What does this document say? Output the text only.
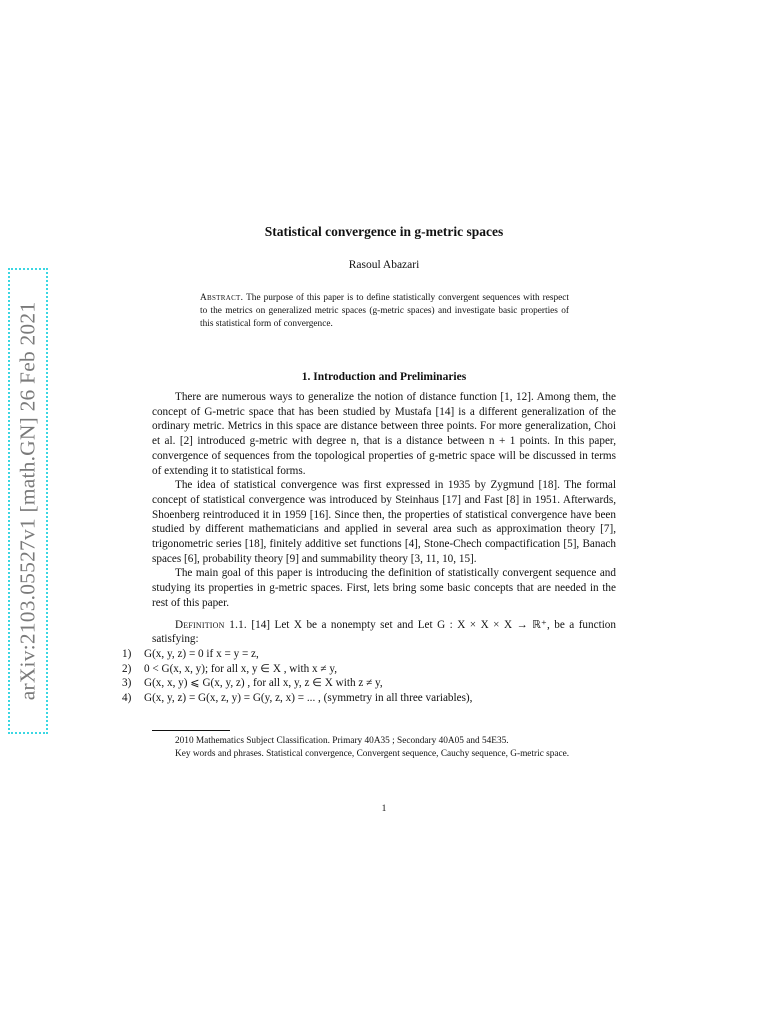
arXiv:2103.05527v1 [math.GN] 26 Feb 2021
Statistical convergence in g-metric spaces
Rasoul Abazari
Abstract. The purpose of this paper is to define statistically convergent sequences with respect to the metrics on generalized metric spaces (g-metric spaces) and investigate basic properties of this statistical form of convergence.
1. Introduction and Preliminaries

There are numerous ways to generalize the notion of distance function [1, 12]. Among them, the concept of G-metric space that has been studied by Mustafa [14] is a different generalization of the ordinary metric. Metrics in this space are distance between three points. For more generalization, Choi et al. [2] introduced g-metric with degree n, that is a distance between n + 1 points. In this paper, convergence of sequences from the topological properties of g-metric space will be discussed in terms of extending it to statistical forms.

The idea of statistical convergence was first expressed in 1935 by Zygmund [18]. The formal concept of statistical convergence was introduced by Steinhaus [17] and Fast [8] in 1951. Afterwards, Shoenberg reintroduced it in 1959 [16]. Since then, the properties of statistical convergence have been studied by different mathematicians and applied in several area such as approximation theory [7], trigonometric series [18], finitely additive set functions [4], Stone-Chech compactification [5], Banach spaces [6], probability theory [9] and summability theory [3, 11, 10, 15].

The main goal of this paper is introducing the definition of statistically convergent sequence and studying its properties in g-metric spaces. First, lets bring some basic concepts that are needed in the rest of this paper.

Definition 1.1. [14] Let X be a nonempty set and Let G : X × X × X → ℝ⁺, be a function satisfying:
1) G(x, y, z) = 0 if x = y = z,
2) 0 < G(x, x, y); for all x, y ∈ X , with x ≠ y,
3) G(x, x, y) ⩽ G(x, y, z) , for all x, y, z ∈ X with z ≠ y,
4) G(x, y, z) = G(x, z, y) = G(y, z, x) = ... , (symmetry in all three variables),

2010 Mathematics Subject Classification. Primary 40A35 ; Secondary 40A05 and 54E35.

Key words and phrases. Statistical convergence, Convergent sequence, Cauchy sequence, G-metric space.

1
